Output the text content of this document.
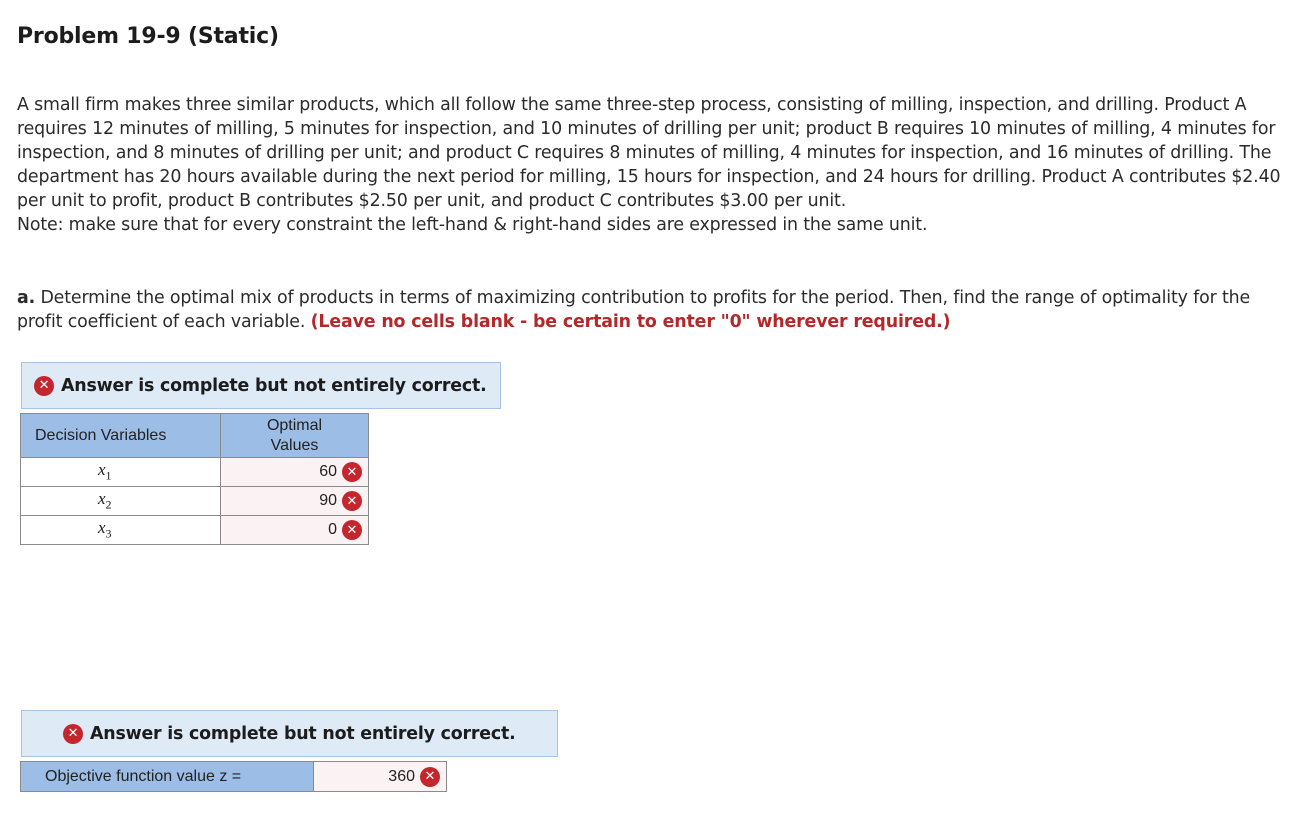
Problem 19-9 (Static)

A small firm makes three similar products, which all follow the same three-step process, consisting of milling, inspection, and drilling. Product A requires 12 minutes of milling, 5 minutes for inspection, and 10 minutes of drilling per unit; product B requires 10 minutes of milling, 4 minutes for inspection, and 8 minutes of drilling per unit; and product C requires 8 minutes of milling, 4 minutes for inspection, and 16 minutes of drilling. The department has 20 hours available during the next period for milling, 15 hours for inspection, and 24 hours for drilling. Product A contributes $2.40 per unit to profit, product B contributes $2.50 per unit, and product C contributes $3.00 per unit.

Note: make sure that for every constraint the left-hand & right-hand sides are expressed in the same unit.

a. Determine the optimal mix of products in terms of maximizing contribution to profits for the period. Then, find the range of optimality for the profit coefficient of each variable. (Leave no cells blank - be certain to enter "0" wherever required.)
✕ Answer is complete but not entirely correct.
Decision Variables	Optimal Values
$x_1$	60 ✕

$x_2$	90 ✕

$x_3$	0 ✕
✕ Answer is complete but not entirely correct.
Objective function value z =	360 ✕
